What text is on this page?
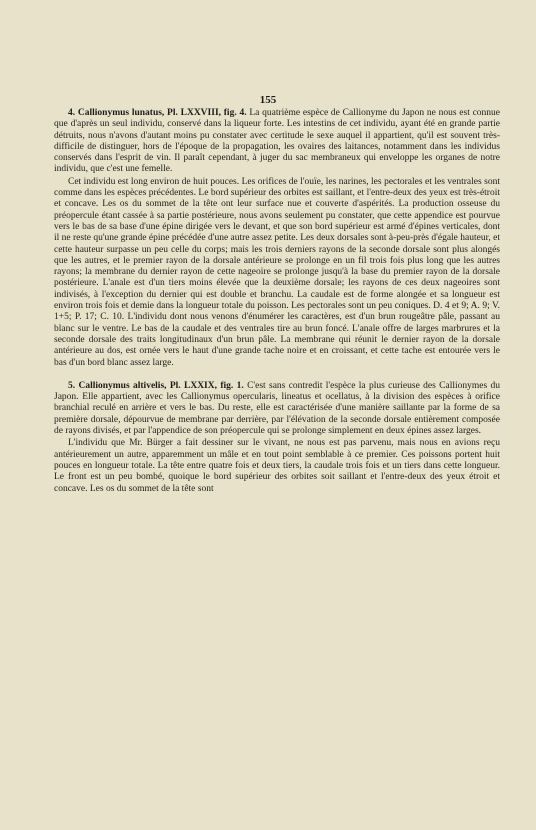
155

4. Callionymus lunatus, Pl. LXXVIII, fig. 4. La quatrième espèce de Callionyme du Japon ne nous est connue que d'après un seul individu, conservé dans la liqueur forte. Les intestins de cet individu, ayant été en grande partie détruits, nous n'avons d'autant moins pu constater avec certitude le sexe auquel il appartient, qu'il est souvent très-difficile de distinguer, hors de l'époque de la propagation, les ovaires des laitances, notamment dans les individus conservés dans l'esprit de vin. Il paraît cependant, à juger du sac membraneux qui enveloppe les organes de notre individu, que c'est une femelle.

Cet individu est long environ de huit pouces. Les orifices de l'ouïe, les narines, les pectorales et les ventrales sont comme dans les espèces précédentes. Le bord supérieur des orbites est saillant, et l'entre-deux des yeux est très-étroit et concave. Les os du sommet de la tête ont leur surface nue et couverte d'aspérités. La production osseuse du préopercule étant cassée à sa partie postérieure, nous avons seulement pu constater, que cette appendice est pourvue vers le bas de sa base d'une épine dirigée vers le devant, et que son bord supérieur est armé d'épines verticales, dont il ne reste qu'une grande épine précédée d'une autre assez petite. Les deux dorsales sont à-peu-près d'égale hauteur, et cette hauteur surpasse un peu celle du corps; mais les trois derniers rayons de la seconde dorsale sont plus alongés que les autres, et le premier rayon de la dorsale antérieure se prolonge en un fil trois fois plus long que les autres rayons; la membrane du dernier rayon de cette nageoire se prolonge jusqu'à la base du premier rayon de la dorsale postérieure. L'anale est d'un tiers moins élevée que la deuxième dorsale; les rayons de ces deux nageoires sont indivisés, à l'exception du dernier qui est double et branchu. La caudale est de forme alongée et sa longueur est environ trois fois et demie dans la longueur totale du poisson. Les pectorales sont un peu coniques. D. 4 et 9; A. 9; V. 1+5; P. 17; C. 10. L'individu dont nous venons d'énumérer les caractères, est d'un brun rougeâtre pâle, passant au blanc sur le ventre. Le bas de la caudale et des ventrales tire au brun foncé. L'anale offre de larges marbrures et la seconde dorsale des traits longitudinaux d'un brun pâle. La membrane qui réunit le dernier rayon de la dorsale antérieure au dos, est ornée vers le haut d'une grande tache noire et en croissant, et cette tache est entourée vers le bas d'un bord blanc assez large.

5. Callionymus altivelis, Pl. LXXIX, fig. 1. C'est sans contredit l'espèce la plus curieuse des Callionymes du Japon. Elle appartient, avec les Callionymus opercularis, lineatus et ocellatus, à la division des espèces à orifice branchial reculé en arrière et vers le bas. Du reste, elle est caractérisée d'une manière saillante par la forme de sa première dorsale, dépourvue de membrane par derrière, par l'élévation de la seconde dorsale entièrement composée de rayons divisés, et par l'appendice de son préopercule qui se prolonge simplement en deux épines assez larges.

L'individu que Mr. Bürger a fait dessiner sur le vivant, ne nous est pas parvenu, mais nous en avions reçu antérieurement un autre, apparemment un mâle et en tout point semblable à ce premier. Ces poissons portent huit pouces en longueur totale. La tête entre quatre fois et deux tiers, la caudale trois fois et un tiers dans cette longueur. Le front est un peu bombé, quoique le bord supérieur des orbites soit saillant et l'entre-deux des yeux étroit et concave. Les os du sommet de la tête sont
